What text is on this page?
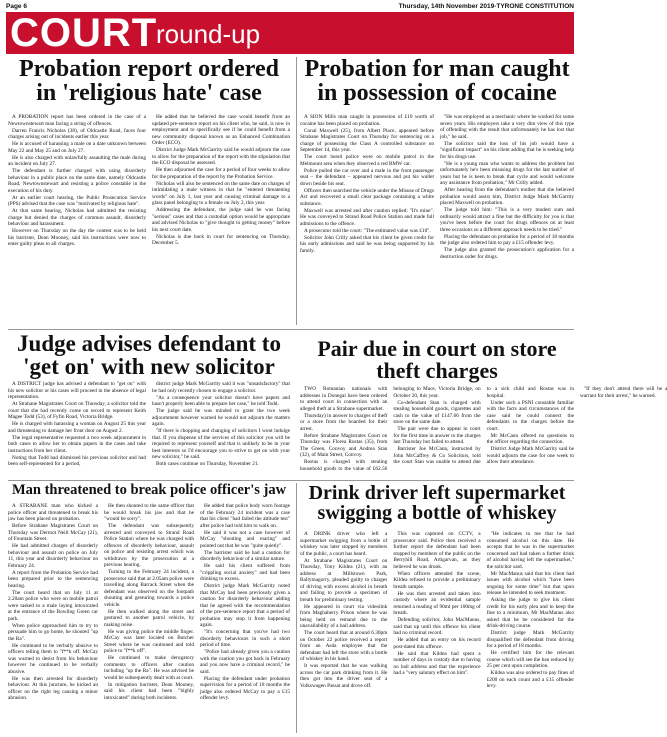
Page 6	Thursday, 14th November 2019-TYRONE CONSTITUTION
COURT
round-up
Probation report ordered in 'religious hate' case

A PROBATION report has been ordered in the case of a Newtownstewart man facing a string of offences.

Darren Francis Nicholas (38), of Oldcastle Road, faces four charges arising out of incidents earlier this year.

He is accused of harassing a male on a date unknown between May 22 and May 25 and on July 27.

He is also charged with unlawfully assaulting the male during an incident on July 27.

The defendant is further charged with using disorderly behaviour in a public place on the same date, namely Oldcastle Road, Newtownstewart and resisting a police constable in the execution of his duty.

At an earlier court hearing, the Public Prosecution Service (PPS) advised that the case was "motivated by religious hate".

At that same hearing, Nicholas had admitted the resisting charge but denied the charges of common assault, disorderly behaviour and harassment.

However on Thursday on the day the contest was to be held his barrister, Dean Mooney, said his instructions were now to enter guilty pleas to all charges.

He added that he believed the case would benefit from an updated pre-sentence report on his client who, he said, is now in employment and to specifically see if he could benefit from a new community disposal known as an Enhanced Combination Order (ECO).

District Judge Mark McGarrity said he would adjourn the case to allow for the preparation of the report with the stipulation that the ECO disposal be assessed.

He then adjourned the case for a period of four weeks to allow for the preparation of the report by the Probation Service.

Nicholas will also be sentenced on the same date on charges of intimidating a male witness in that he "entered threatening words" on July 1, last year and causing criminal damage to a glass panel belonging to a female on July 2, this year.

Addressing the defendant, the judge said he was facing "serious" cases and that a custodial option would be appropriate and advised Nicholas to "give thought to getting money" before his next court date.

Nicholas is due back in court for sentencing on Thursday, December 5.

Probation for man caught in possession of cocaine

A SION Mills man caught in possession of £10 worth of cocaine has been placed on probation.

Conal Maxwell (25), from Albert Place, appeared before Strabane Magistrates Court on Thursday for sentencing on a charge of possessing the Class A controlled substance on September 14, this year.

The court heard police were on mobile patrol in the Melmount area when they observed a red BMW car.

Police pulled the car over and a male in the front passenger seat – the defendant – appeared nervous and put his wallet down beside his seat.

Officers then searched the vehicle under the Misuse of Drugs Act and recovered a small clear package containing a white substance.

Maxwell was arrested and after caution replied: "It's mine". He was conveyed to Strand Road Police Station and made full admissions to the offence.

A prosecutor told the court: "The estimated value was £10".

Solicitor John Crilly asked that his client be given credit for his early admissions and said he was being supported by his family.

"He was employed as a mechanic where he worked for some seven years. His employers take a very dim view of this type of offending with the result that unfortunately he has lost that job," he said.

The solicitor said the loss of his job would have a "significant impact" on his client adding that he is seeking help for his drugs use.

"He is a young man who wants to address the problem but unfortunately he's been misusing drugs for the last number of years but he is keen to break that cycle and would welcome any assistance from probation," Mr Crilly added.

After hearing from the defendant's mother that she believed probation would assist him, District Judge Mark McGarrity placed Maxwell on probation.

The judge told him: "This is a very modest sum and ordinarily would attract a fine but the difficulty for you is that you've been before the court for drugs offences on at least three occasions so a different approach needs to be tried."

Placing the defendant on probation for a period of 18 months the judge also ordered him to pay a £15 offender levy.

The judge also granted the prosecution's application for a destruction order for drugs.

Judge advises defendant to 'get on' with new solicitor

A DISTRICT judge has advised a defendant to "get on" with his new solicitor or his cases will proceed in the absence of legal representation.

At Strabane Magistrates Court on Thursday, a solicitor told the court that she had recently come on record to represent Keith Magee Todd (53), of Fyfin Road, Victoria Bridge.

He is charged with harassing a woman on August 25 this year and threatening to damage her front door on August 2.

The legal representative requested a two week adjournment in both cases to allow her to obtain papers in the cases and take instructions from her client.

Noting that Todd had dismissed his previous solicitor and had been self-represented for a period,

district judge Mark McGarrity said it was "unsatisfactory" that he had only recently chosen to engage a solicitor.

"As a consequence your solicitor doesn't have papers and hasn't properly been able to prepare her case," he told Todd.

The judge said he was minded to grant the two week adjournment however warned he would not adjourn the matters again.

"If there is chopping and changing of solicitors I wont indulge that. If you dispense of the services of this solicitor you will be required to represent yourself and that is unlikely to be in your best interests so I'd encourage you to strive to get on with your new solicitor," he said.

Both cases continue on Thursday, November 21.

Pair due in court on store theft charges

TWO Romanian nationals with addresses in Donegal have been ordered to attend court in connection with an alleged theft at a Strabane supermarket.

Thursday) in answer to charges of theft or a store from the boarded for their arrest.

Before Strabane Magistrates Court on Thursday was Florea Rostas (35), from The Green, Convoy and Andrea Stan (32), of Main Street, Convoy.

Rostas is charged with stealing household goods to the value of £62.56 belonging to Mace, Victoria Bridge, on October 20, this year.

Co-defendant Stan is charged with stealing household goods, cigarettes and cash to the value of £147.66 from the store on the same date.

The pair were due to appear in court for the first time in answer to the charges last Thursday but failed to attend.

Barrister Joe McCann, instructed by John McCaffrey & Co Solicitors, told the court Stan was unable to attend due to a sick child and Rostas was in hospital.

Under such a PSNI constable familiar with the facts and circumstances of the case said he could connect the defendants to the charges before the court.

Mr McCann offered no questions to the officer regarding the connection.

District Judge Mark McGarrity said he would adjourn the case for one week to allow their attendance.

"If they don't attend there will be a warrant for their arrest," he warned.

Man threatened to break police officer's jaw

A STRABANE man who kicked a police officer and threatened to break his jaw has been placed on probation.

Before Strabane Magistrates Court on Thursday was Dermot Neill McCay (21), of Fountain Street.

He had admitted charges of disorderly behaviour and assault on police on July 11, this year and disorderly behaviour on February 24.

A report from the Probation Service had been prepared prior to the sentencing hearing.

The court heard that on July 11 at 2.20am police who were on mobile patrol were tasked to a male laying intoxicated at the entrance of the Bowling Green car park.

When police approached him to try to persuade him to go home, he shouted "up the Ra".

He continued to be verbally abusive to officers telling them to "f**k off. McCay was warned to desist from his behaviour however he continued to be verbally abusive.

He was then arrested for disorderly behaviour. At this juncture, he kicked an officer on the right leg causing a minor abrasion.

He then shouted to the same officer that he would break his jaw and that he "would be sorry".

The defendant was subsequently arrested and conveyed to Strand Road Police Station where he was charged with offences of disorderly behaviour, assault on police and resisting arrest which was withdrawn by the prosecution at a previous hearing.

Turning to the February 24 incident, a prosecutor said that at 2.05am police were travelling along Barrack Street when the defendant was observed on the footpath shouting and gesturing towards a police vehicle.

He then walked along the street and gestured to another patrol vehicle, by making noise.

He was giving police the middle finger. McCay was later located on Butcher Street where he was cautioned and told police to "f**k off".

He continued to make derogatory comments to officers after caution including "up the Ra". He was advised he would be subsequently dealt with at court.

In mitigation barrister, Dean Mooney, said his client had been "highly intoxicated" during both incidents.

He added that police body worn footage of the February 24 incident was a case that his client "had failed the attitude test" after police had told him to walk on.

He said it was not a case however of McCay "shouting and roaring" and pointed out that he was "quite quietly".

The barrister said he had a caution for disorderly behaviour of a similar nature.

He said his client suffered from "crippling social anxiety" and had been drinking to excess.

District judge Mark McGarrity noted that McCay had been previously given a caution for disorderly behaviour adding that he agreed with the recommendation of the pre-sentence report that a period of probation may stop it from happening again.

"It's concerning that you've had two disorderly behaviours in such a short period of time.

"Police had already given you a caution with the caution you got back in February and you now have a criminal record," he said.

Placing the defendant under probation supervision for a period of 18 months the judge also ordered McCay to pay a £15 offender levy.

Drink driver left supermarket swigging a bottle of whiskey

A DRINK driver who left a supermarket swigging from a bottle of whiskey was later stopped by members of the public, a court has heard.

At Strabane Magistrates Court on Thursday, Tony Kildea (21), with an address at Millstown Park, Ballymagorry, pleaded guilty to charges of driving with excess alcohol in breath and failing to provide a specimen of breath for preliminary testing.

He appeared in court via videolink from Maghaberry Prison where he was being held on remand due to the unavailability of a bail address.

The court heard that at around 6.30pm on October 22 police received a report from an Asda employee that the defendant had left the store with a bottle of whiskey in his hand.

It was reported that he was walking across the car park drinking from it. He then got into the driver seat of a Volkswagen Passat and drove off.

This was captured on CCTV, a prosecutor said. Police then received a further report the defendant had been stopped by members of the public on the Berryhill Road, Artigarvan, as they believed he was drunk.

When officers attended the scene, Kildea refused to provide a preliminary breath sample.

He was then arrested and taken into custody where an evidential sample returned a reading of 90ml per 100mg of breath.

Defending solicitor, John MacManus, said that up until this offence his client had no criminal record.

He added that an entry on his record post-dated this offence.

He said that Kildea had spent a number of days in custody due to having no bail address and that the experience had a "very salutary effect on him".

"He indicates to me that he had consumed alcohol on this date. He accepts that he was in the supermarket concerned and had taken a further drink of alcohol having left the supermarket," the solicitor said.

Mr MacManus said that his client had issues with alcohol which "have been ongoing for some time" but that upon release he intended to seek treatment.

Asking the judge to give his client credit for his early plea and to keep the fine to a minimum, Mr MacManus also asked that he be considered for the drink-driving course.

District judge Mark McGarrity disqualified the defendant from driving for a period of 18 months.

He certified him for the relevant course which will see the ban reduced by 25 per cent upon completion.

Kildea was also ordered to pay fines of £200 on each count and a £15 offender levy.
